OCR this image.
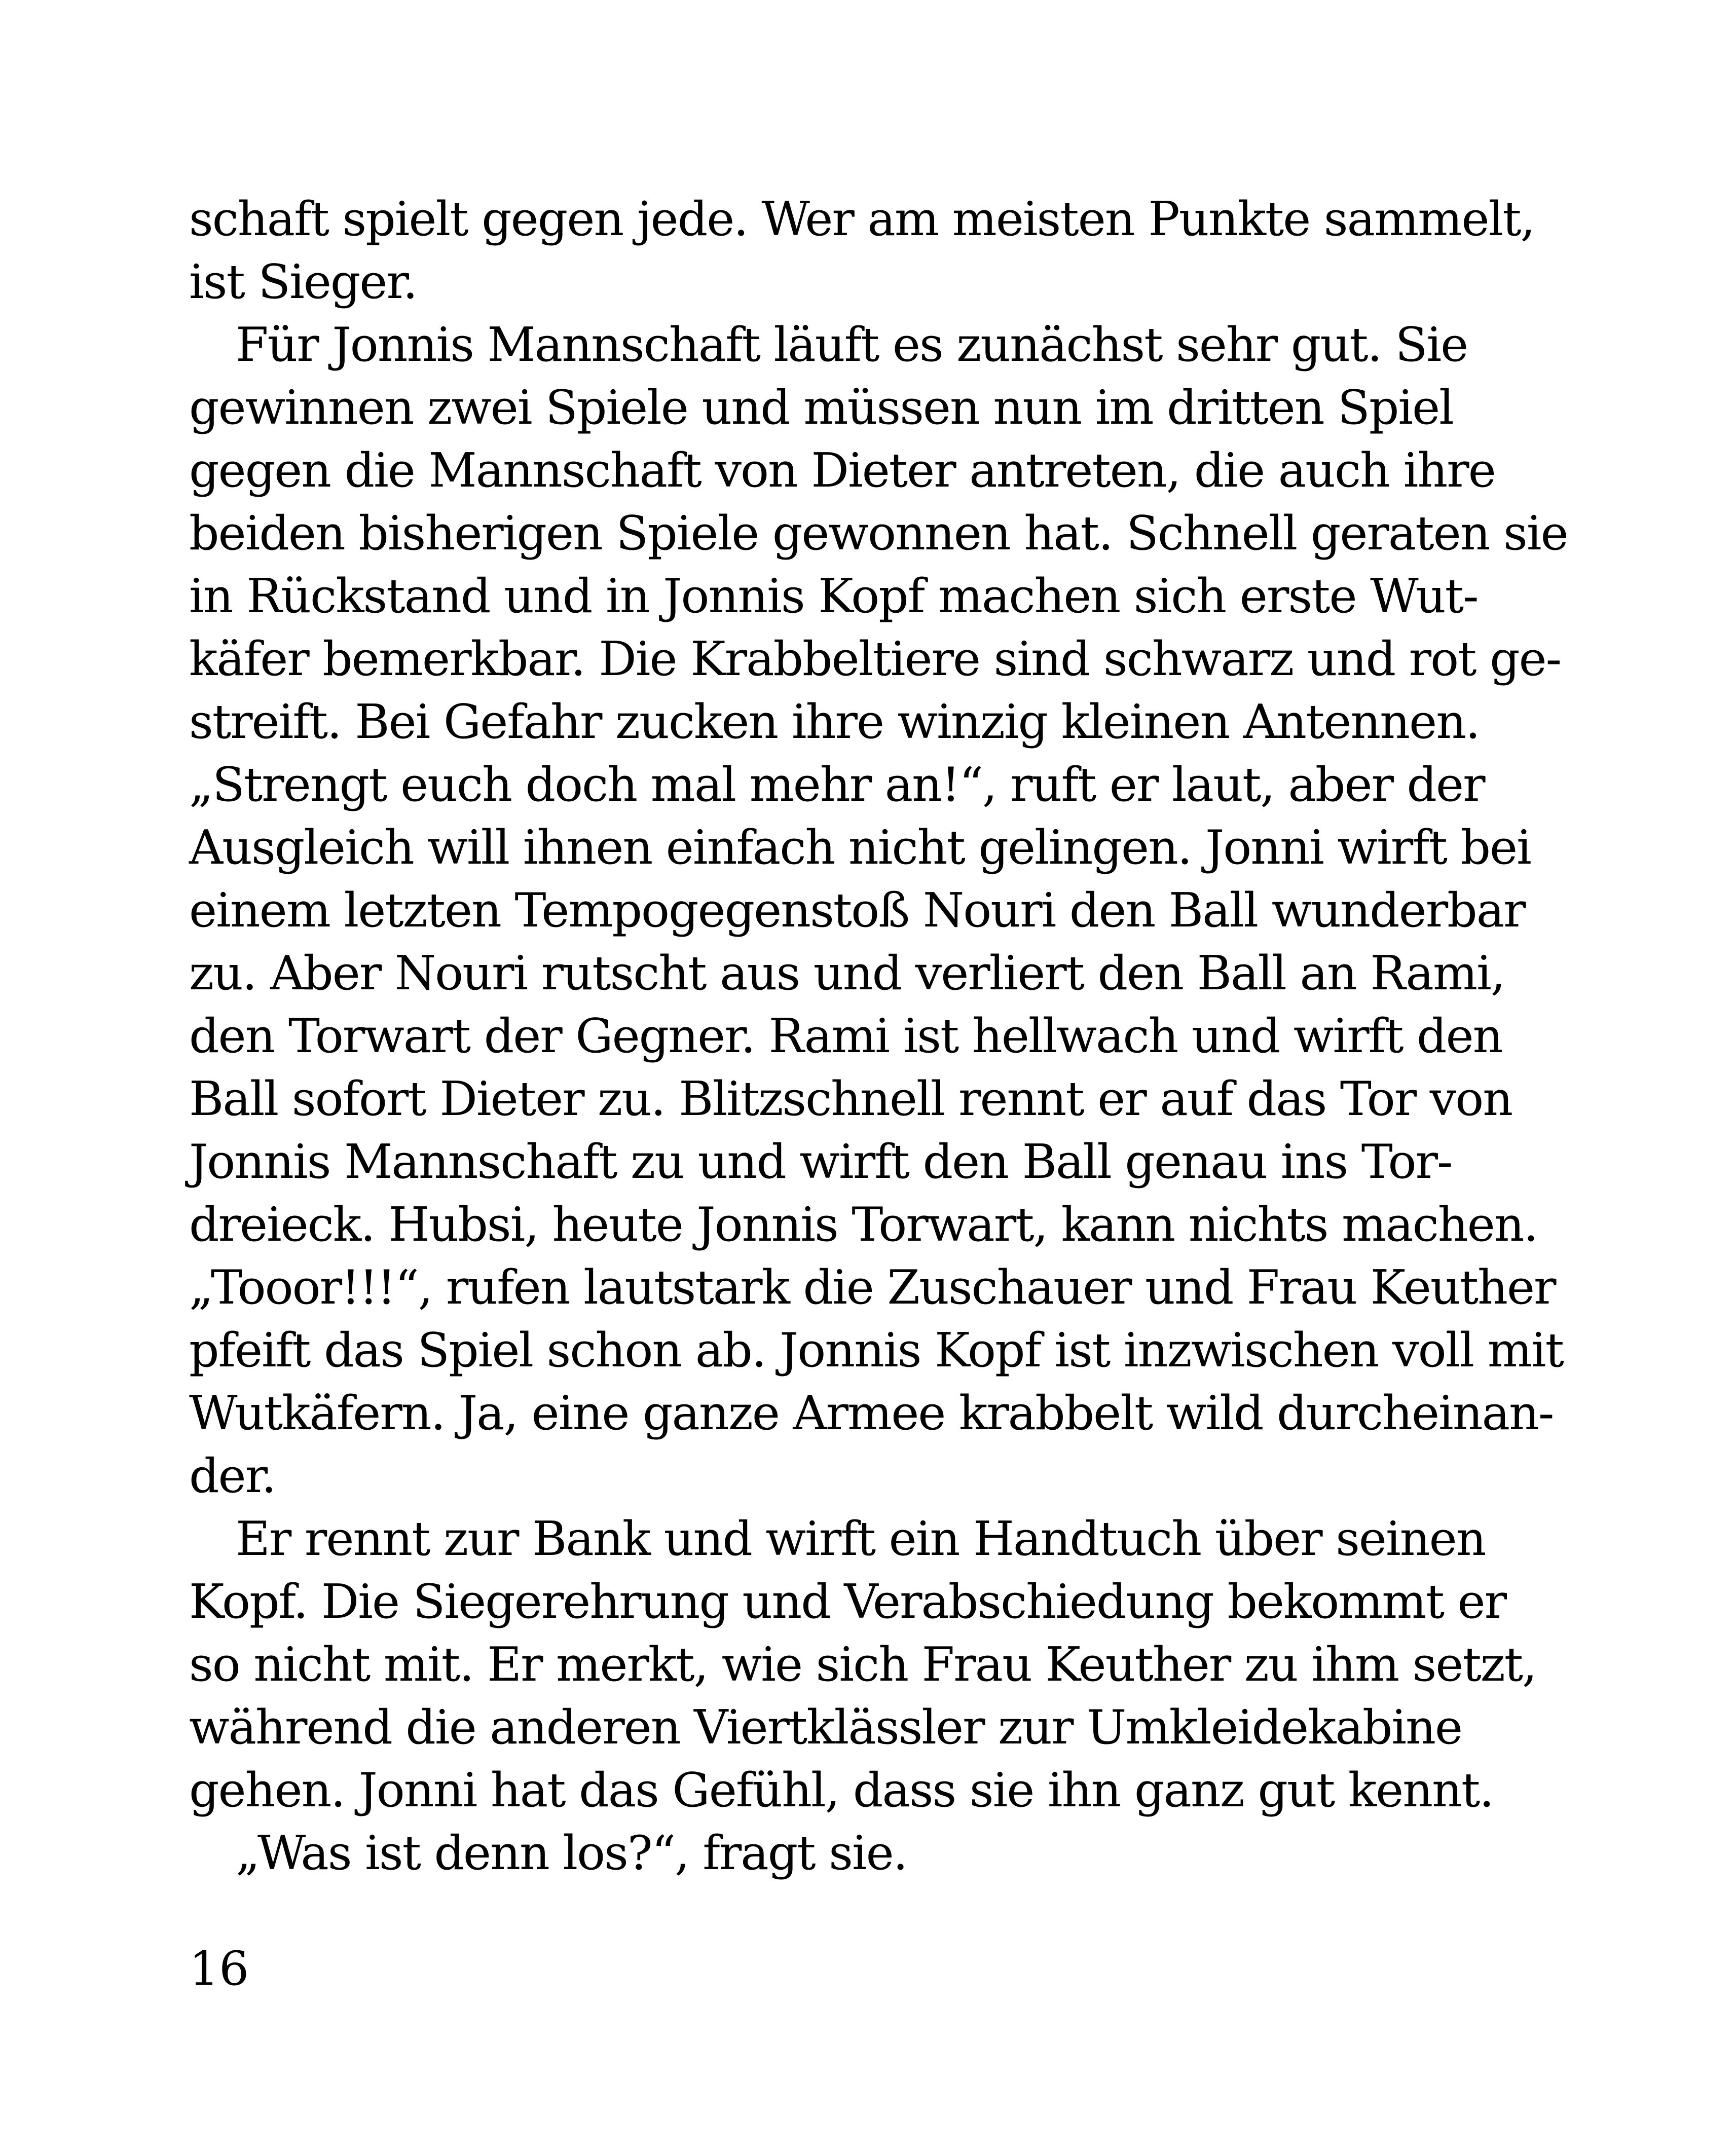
schaft spielt gegen jede. Wer am meisten Punkte sammelt,
ist Sieger.
Für Jonnis Mannschaft läuft es zunächst sehr gut. Sie
gewinnen zwei Spiele und müssen nun im dritten Spiel
gegen die Mannschaft von Dieter antreten, die auch ihre
beiden bisherigen Spiele gewonnen hat. Schnell geraten sie
in Rückstand und in Jonnis Kopf machen sich erste Wut-
käfer bemerkbar. Die Krabbeltiere sind schwarz und rot ge-
streift. Bei Gefahr zucken ihre winzig kleinen Antennen.
„Strengt euch doch mal mehr an!“, ruft er laut, aber der
Ausgleich will ihnen einfach nicht gelingen. Jonni wirft bei
einem letzten Tempogegenstoß Nouri den Ball wunderbar
zu. Aber Nouri rutscht aus und verliert den Ball an Rami,
den Torwart der Gegner. Rami ist hellwach und wirft den
Ball sofort Dieter zu. Blitzschnell rennt er auf das Tor von
Jonnis Mannschaft zu und wirft den Ball genau ins Tor-
dreieck. Hubsi, heute Jonnis Torwart, kann nichts machen.
„Tooor!!!“, rufen lautstark die Zuschauer und Frau Keuther
pfeift das Spiel schon ab. Jonnis Kopf ist inzwischen voll mit
Wutkäfern. Ja, eine ganze Armee krabbelt wild durcheinan-
der.
Er rennt zur Bank und wirft ein Handtuch über seinen
Kopf. Die Siegerehrung und Verabschiedung bekommt er
so nicht mit. Er merkt, wie sich Frau Keuther zu ihm setzt,
während die anderen Viertklässler zur Umkleidekabine
gehen. Jonni hat das Gefühl, dass sie ihn ganz gut kennt.
„Was ist denn los?“, fragt sie.
16
